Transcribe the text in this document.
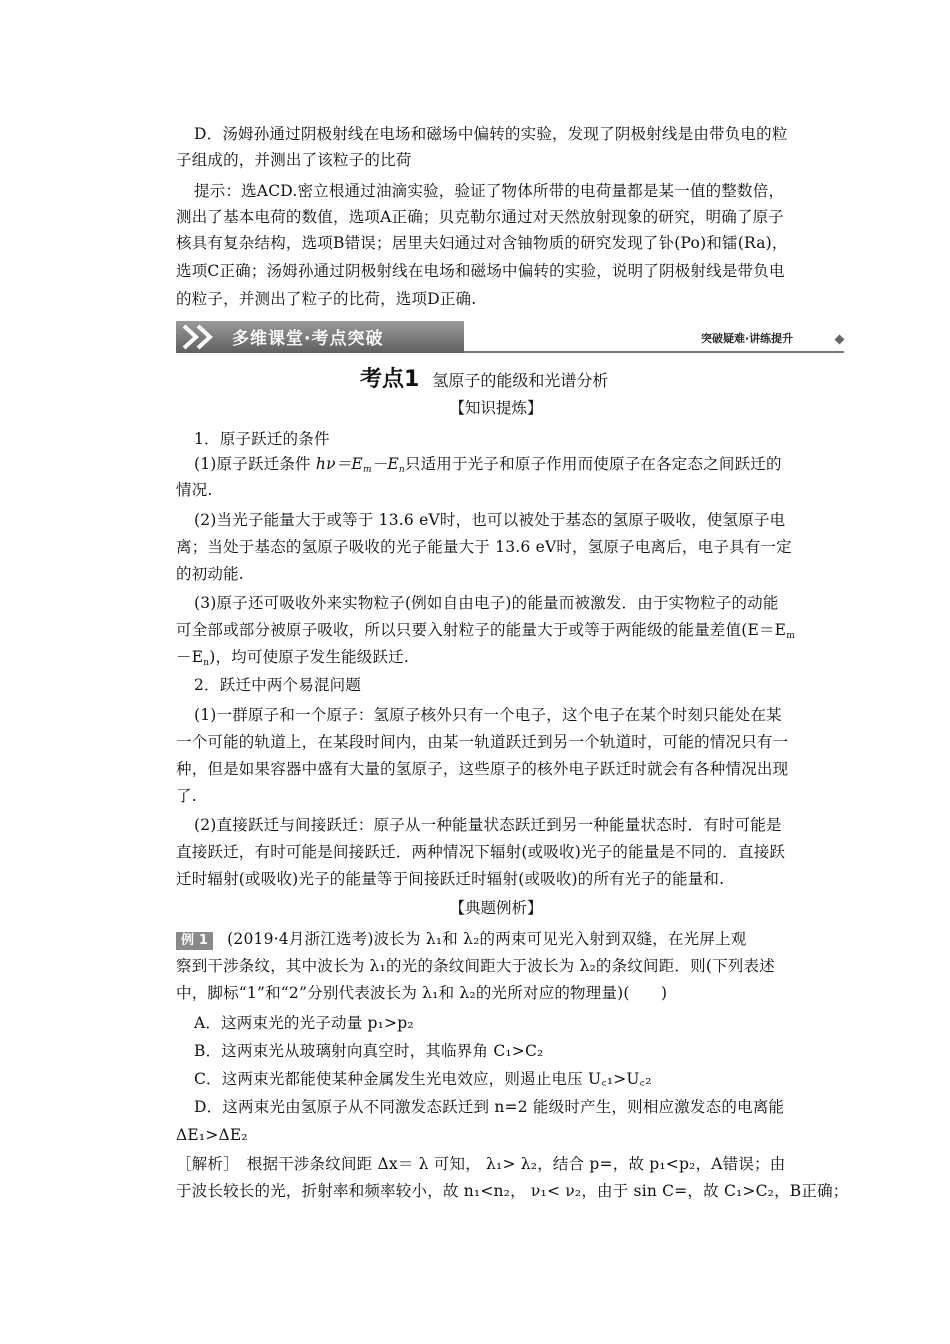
D．汤姆孙通过阴极射线在电场和磁场中偏转的实验，发现了阴极射线是由带负电的粒
子组成的，并测出了该粒子的比荷
提示：选ACD.密立根通过油滴实验，验证了物体所带的电荷量都是某一值的整数倍，
测出了基本电荷的数值，选项A正确；贝克勒尔通过对天然放射现象的研究，明确了原子
核具有复杂结构，选项B错误；居里夫妇通过对含铀物质的研究发现了钋(Po)和镭(Ra)，
选项C正确；汤姆孙通过阴极射线在电场和磁场中偏转的实验，说明了阴极射线是带负电
的粒子，并测出了粒子的比荷，选项D正确.
多维课堂·考点突破	突破疑难·讲练提升
考点1 氢原子的能级和光谱分析
【知识提炼】
1．原子跃迁的条件
(1)原子跃迁条件 hν＝Em－En只适用于光子和原子作用而使原子在各定态之间跃迁的
情况.
(2)当光子能量大于或等于 13.6 eV时，也可以被处于基态的氢原子吸收，使氢原子电
离；当处于基态的氢原子吸收的光子能量大于 13.6 eV时，氢原子电离后，电子具有一定
的初动能.
(3)原子还可吸收外来实物粒子(例如自由电子)的能量而被激发．由于实物粒子的动能
可全部或部分被原子吸收，所以只要入射粒子的能量大于或等于两能级的能量差值(E＝Em
－En)，均可使原子发生能级跃迁.
2．跃迁中两个易混问题
(1)一群原子和一个原子：氢原子核外只有一个电子，这个电子在某个时刻只能处在某
一个可能的轨道上，在某段时间内，由某一轨道跃迁到另一个轨道时，可能的情况只有一
种，但是如果容器中盛有大量的氢原子，这些原子的核外电子跃迁时就会有各种情况出现
了.
(2)直接跃迁与间接跃迁：原子从一种能量状态跃迁到另一种能量状态时．有时可能是
直接跃迁，有时可能是间接跃迁．两种情况下辐射(或吸收)光子的能量是不同的．直接跃
迁时辐射(或吸收)光子的能量等于间接跃迁时辐射(或吸收)的所有光子的能量和.
【典题例析】
例 1 (2019·4月浙江选考)波长为 λ₁和 λ₂的两束可见光入射到双缝，在光屏上观
察到干涉条纹，其中波长为 λ₁的光的条纹间距大于波长为 λ₂的条纹间距．则(下列表述
中，脚标“1”和“2”分别代表波长为 λ₁和 λ₂的光所对应的物理量)(　　)
A．这两束光的光子动量 p₁>p₂
B．这两束光从玻璃射向真空时，其临界角 C₁>C₂
C．这两束光都能使某种金属发生光电效应，则遏止电压 U꜀₁>U꜀₂
D．这两束光由氢原子从不同激发态跃迁到 n=2 能级时产生，则相应激发态的电离能
ΔE₁>ΔE₂
［解析］　根据干涉条纹间距 Δx＝ λ 可知， λ₁> λ₂，结合 p=，故 p₁<p₂，A错误；由
于波长较长的光，折射率和频率较小，故 n₁<n₂， ν₁< ν₂，由于 sin C=，故 C₁>C₂，B正确；
